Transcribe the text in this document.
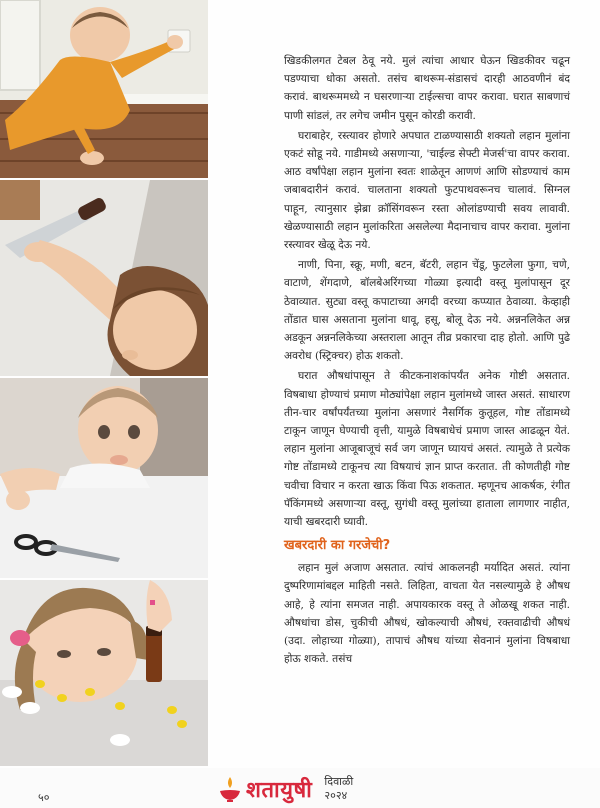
खिडकीलगत टेबल ठेवू नये. मुलं त्यांचा आधार घेऊन खिडकीवर चढून पडण्याचा धोका असतो. तसंच बाथरूम-संडासचं दारही आठवणीनं बंद करावं. बाथरूममध्ये न घसरणाऱ्या टाईल्सचा वापर करावा. घरात साबणाचं पाणी सांडलं, तर लगेच जमीन पुसून कोरडी करावी.

घराबाहेर, रस्त्यावर होणारे अपघात टाळण्यासाठी शक्यतो लहान मुलांना एकटं सोडू नये. गाडीमध्ये असणाऱ्या, 'चाईल्ड सेफ्टी मेजर्स'चा वापर करावा. आठ वर्षांपेक्षा लहान मुलांना स्वतः शाळेतून आणणं आणि सोडण्याचं काम जबाबदारीनं करावं. चालताना शक्यतो फुटपाथवरूनच चालावं. सिग्नल पाहून, त्यानुसार झेब्रा क्रॉसिंगवरून रस्ता ओलांडण्याची सवय लावावी. खेळण्यासाठी लहान मुलांकरिता असलेल्या मैदानाचाच वापर करावा. मुलांना रस्त्यावर खेळू देऊ नये.

नाणी, पिना, स्क्रू, मणी, बटन, बॅटरी, लहान चेंडू, फुटलेला फुगा, चणे, वाटाणे, शेंगदाणे, बॉलबेअरिंगच्या गोळ्या इत्यादी वस्तू मुलांपासून दूर ठेवाव्यात. सुट्या वस्तू कपाटाच्या अगदी वरच्या कप्प्यात ठेवाव्या. केव्हाही तोंडात घास असताना मुलांना धावू, हसू, बोलू देऊ नये. अन्ननलिकेत अन्न अडकून अन्ननलिकेच्या अस्तराला आतून तीव्र प्रकारचा दाह होतो. आणि पुढे अवरोध (स्ट्रिक्चर) होऊ शकतो.

घरात औषधांपासून ते कीटकनाशकांपर्यंत अनेक गोष्टी असतात. विषबाधा होण्याचं प्रमाण मोठ्यांपेक्षा लहान मुलांमध्ये जास्त असतं. साधारण तीन-चार वर्षांपर्यंतच्या मुलांना असणारं नैसर्गिक कुतूहल, गोष्ट तोंडामध्ये टाकून जाणून घेण्याची वृत्ती, यामुळे विषबाधेचं प्रमाण जास्त आढळून येतं. लहान मुलांना आजूबाजूचं सर्व जग जाणून घ्यायचं असतं. त्यामुळे ते प्रत्येक गोष्ट तोंडामध्ये टाकूनच त्या विषयाचं ज्ञान प्राप्त करतात. ती कोणतीही गोष्ट चवीचा विचार न करता खाऊ किंवा पिऊ शकतात. म्हणूनच आकर्षक, रंगीत पॅकिंगमध्ये असणाऱ्या वस्तू, सुगंधी वस्तू मुलांच्या हाताला लागणार नाहीत, याची खबरदारी घ्यावी.

खबरदारी का गरजेची?

लहान मुलं अजाण असतात. त्यांचं आकलनही मर्यादित असतं. त्यांना दुष्परिणामांबद्दल माहिती नसते. लिहिता, वाचता येत नसल्यामुळे हे औषध आहे, हे त्यांना समजत नाही. अपायकारक वस्तू ते ओळखू शकत नाही. औषधांचा डोस, चुकीची औषधं, खोकल्याची औषधं, रक्तवाढीची औषधं (उदा. लोहाच्या गोळ्या), तापाचं औषध यांच्या सेवनानं मुलांना विषबाधा होऊ शकते. तसंच

५०	शतायुषी दिवाळी
२०२४
